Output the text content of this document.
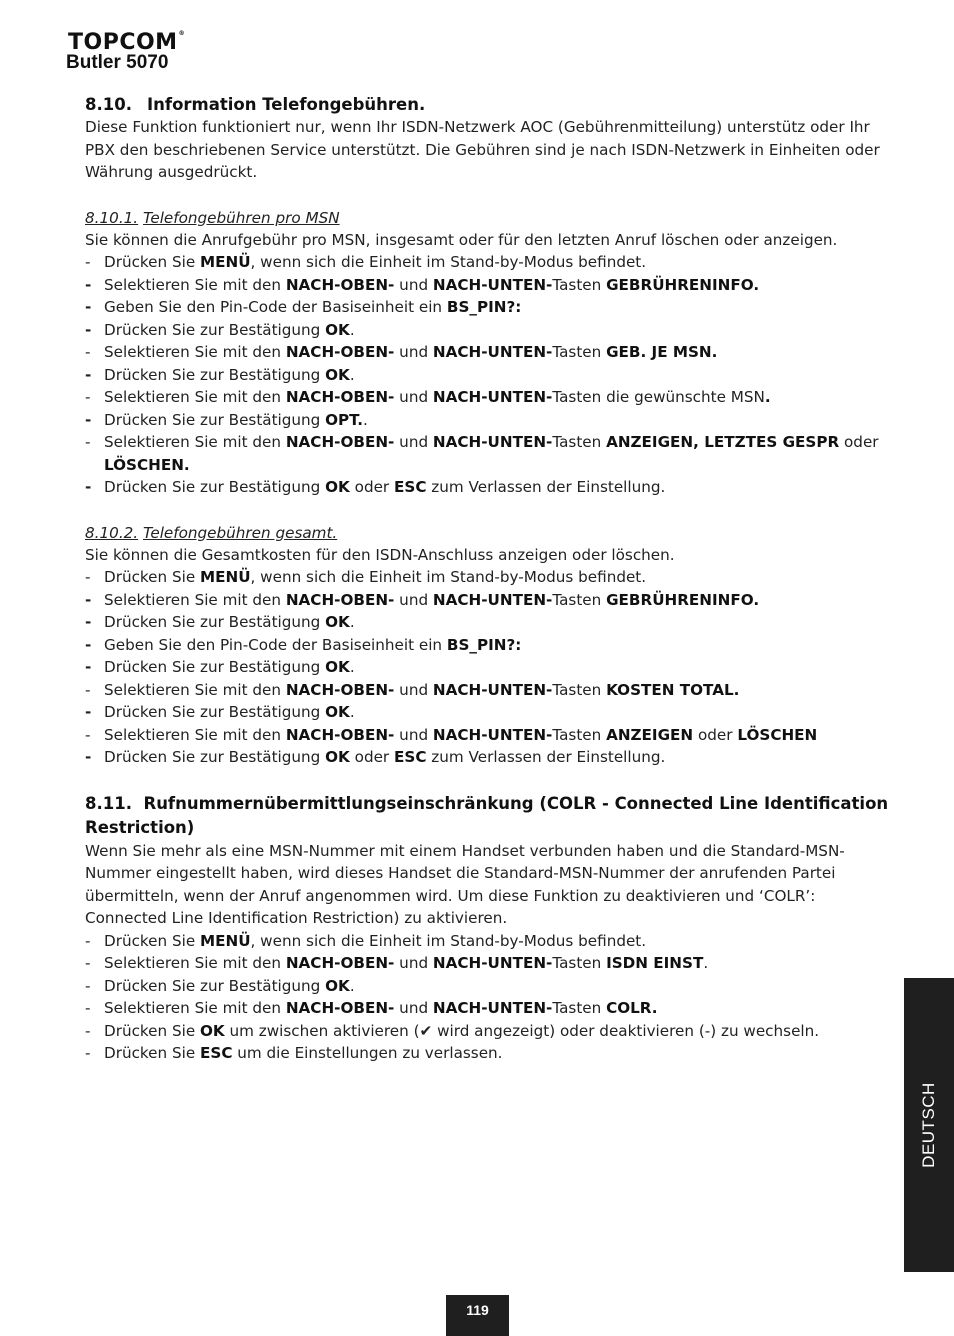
TOPCOM®
Butler 5070
8.10. Information Telefongebühren.

Diese Funktion funktioniert nur, wenn Ihr ISDN-Netzwerk AOC (Gebührenmitteilung) unterstütz oder Ihr PBX den beschriebenen Service unterstützt. Die Gebühren sind je nach ISDN-Netzwerk in Einheiten oder Währung ausgedrückt.

8.10.1. Telefongebühren pro MSN

Sie können die Anrufgebühr pro MSN, insgesamt oder für den letzten Anruf löschen oder anzeigen.

- Drücken Sie MENÜ, wenn sich die Einheit im Stand-by-Modus befindet.
- Selektieren Sie mit den NACH-OBEN- und NACH-UNTEN-Tasten GEBRÜHRENINFO.
- Geben Sie den Pin-Code der Basiseinheit ein BS_PIN?:
- Drücken Sie zur Bestätigung OK.
- Selektieren Sie mit den NACH-OBEN- und NACH-UNTEN-Tasten GEB. JE MSN.
- Drücken Sie zur Bestätigung OK.
- Selektieren Sie mit den NACH-OBEN- und NACH-UNTEN-Tasten die gewünschte MSN.
- Drücken Sie zur Bestätigung OPT..
- Selektieren Sie mit den NACH-OBEN- und NACH-UNTEN-Tasten ANZEIGEN, LETZTES GESPR oder LÖSCHEN.
- Drücken Sie zur Bestätigung OK oder ESC zum Verlassen der Einstellung.
8.10.2. Telefongebühren gesamt.

Sie können die Gesamtkosten für den ISDN-Anschluss anzeigen oder löschen.

- Drücken Sie MENÜ, wenn sich die Einheit im Stand-by-Modus befindet.
- Selektieren Sie mit den NACH-OBEN- und NACH-UNTEN-Tasten GEBRÜHRENINFO.
- Drücken Sie zur Bestätigung OK.
- Geben Sie den Pin-Code der Basiseinheit ein BS_PIN?:
- Drücken Sie zur Bestätigung OK.
- Selektieren Sie mit den NACH-OBEN- und NACH-UNTEN-Tasten KOSTEN TOTAL.
- Drücken Sie zur Bestätigung OK.
- Selektieren Sie mit den NACH-OBEN- und NACH-UNTEN-Tasten ANZEIGEN oder LÖSCHEN
- Drücken Sie zur Bestätigung OK oder ESC zum Verlassen der Einstellung.
8.11. Rufnummernübermittlungseinschränkung (COLR - Connected Line Identification Restriction)

Wenn Sie mehr als eine MSN-Nummer mit einem Handset verbunden haben und die Standard-MSN-Nummer eingestellt haben, wird dieses Handset die Standard-MSN-Nummer der anrufenden Partei übermitteln, wenn der Anruf angenommen wird. Um diese Funktion zu deaktivieren und ‘COLR’: Connected Line Identification Restriction) zu aktivieren.

- Drücken Sie MENÜ, wenn sich die Einheit im Stand-by-Modus befindet.
- Selektieren Sie mit den NACH-OBEN- und NACH-UNTEN-Tasten ISDN EINST.
- Drücken Sie zur Bestätigung OK.
- Selektieren Sie mit den NACH-OBEN- und NACH-UNTEN-Tasten COLR.
- Drücken Sie OK um zwischen aktivieren (✔ wird angezeigt) oder deaktivieren (-) zu wechseln.
- Drücken Sie ESC um die Einstellungen zu verlassen.
DEUTSCH
119
